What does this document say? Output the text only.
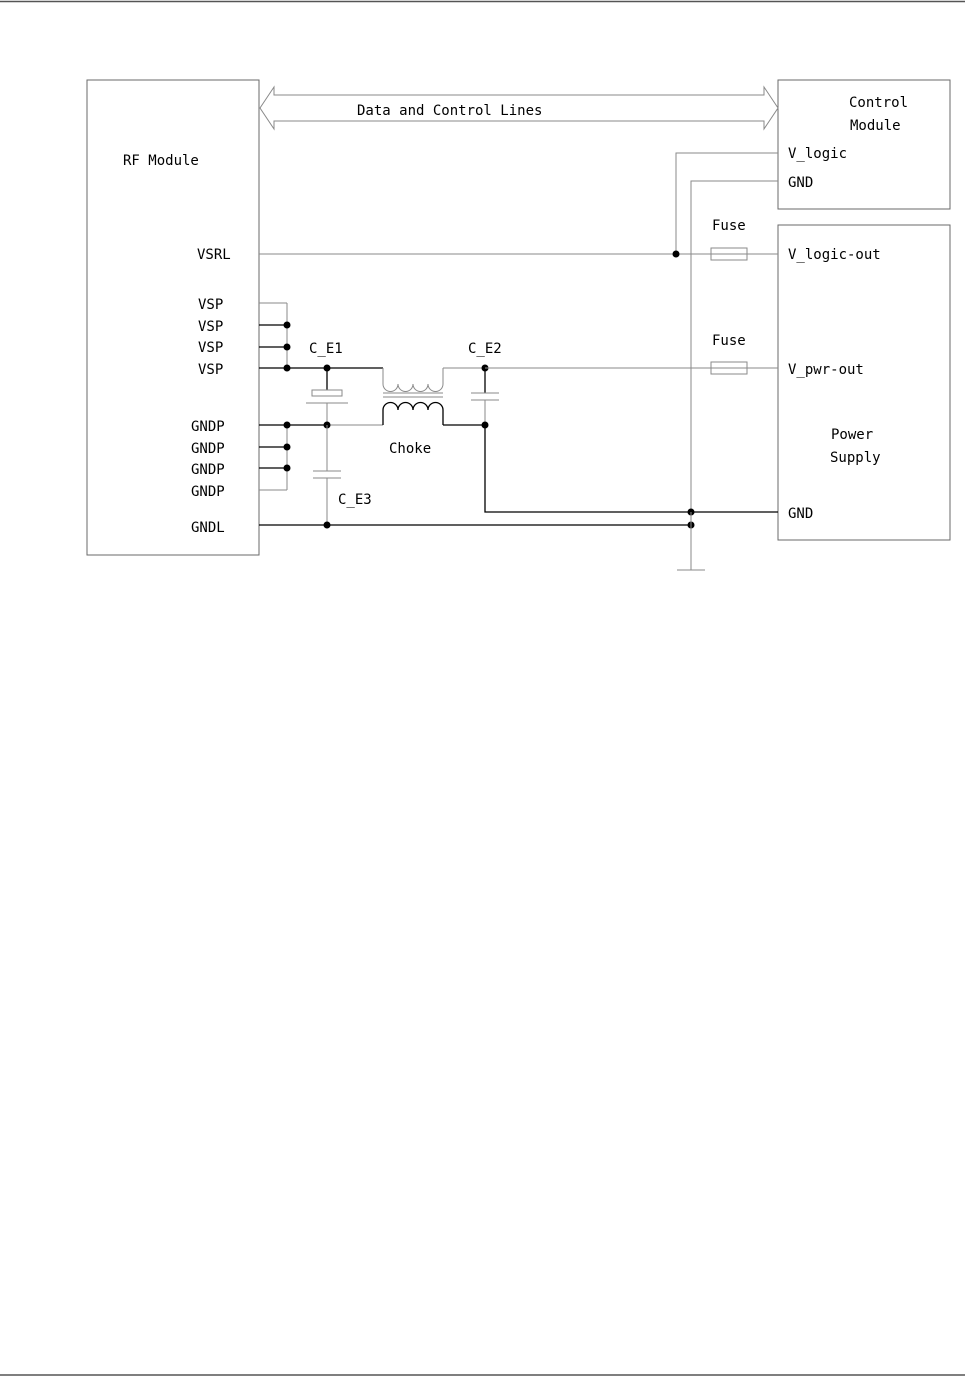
RF Module
Control
Module
Power
Supply
Data and Control Lines
VSRL
VSP
VSP
VSP
VSP
GNDP
GNDP
GNDP
GNDP
GNDL
V_logic
GND
V_logic-out
V_pwr-out
GND
C_E1	C_E2
C_E3
Choke
Fuse
Fuse
